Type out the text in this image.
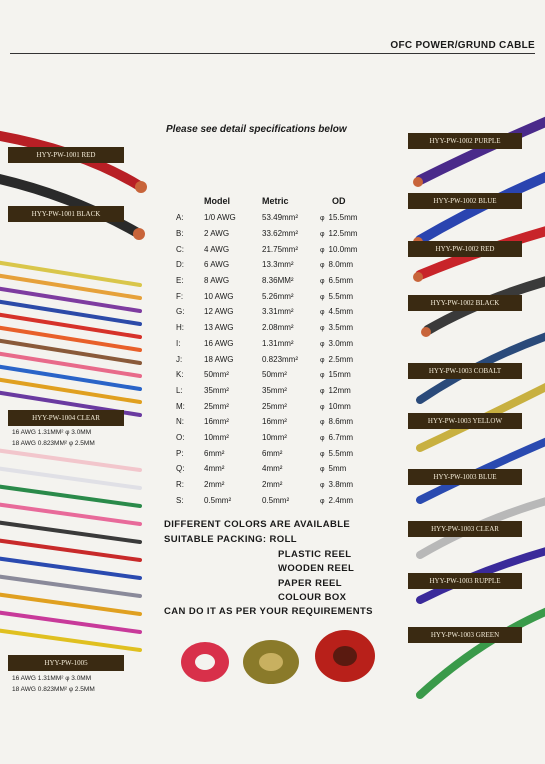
OFC POWER/GRUND CABLE
Please see detail specifications below
HYY-PW-1001 RED
HYY-PW-1001 BLACK
HYY-PW-1004 CLEAR
16 AWG 1.31MM² φ 3.0MM
18 AWG 0.823MM² φ 2.5MM
HYY-PW-1005
16 AWG 1.31MM² φ 3.0MM
18 AWG 0.823MM² φ 2.5MM
HYY-PW-1002 PURPLE
HYY-PW-1002 BLUE
HYY-PW-1002 RED
HYY-PW-1002 BLACK
HYY-PW-1003 COBALT
HYY-PW-1003 YELLOW
HYY-PW-1003 BLUE
HYY-PW-1003 CLEAR
HYY-PW-1003 RUPPLE
HYY-PW-1003 GREEN
Model	Metric	OD
A:	1/0 AWG	53.49mm²	φ 15.5mm
B:	2 AWG	33.62mm²	φ 12.5mm
C:	4 AWG	21.75mm²	φ 10.0mm
D:	6 AWG	13.3mm²	φ 8.0mm
E:	8 AWG	8.36MM²	φ 6.5mm
F:	10 AWG	5.26mm²	φ 5.5mm
G:	12 AWG	3.31mm²	φ 4.5mm
H:	13 AWG	2.08mm²	φ 3.5mm
I:	16 AWG	1.31mm²	φ 3.0mm
J:	18 AWG	0.823mm²	φ 2.5mm
K:	50mm²	50mm²	φ 15mm
L:	35mm²	35mm²	φ 12mm
M:	25mm²	25mm²	φ 10mm
N:	16mm²	16mm²	φ 8.6mm
O:	10mm²	10mm²	φ 6.7mm
P:	6mm²	6mm²	φ 5.5mm
Q:	4mm²	4mm²	φ 5mm
R:	2mm²	2mm²	φ 3.8mm
S:	0.5mm²	0.5mm²	φ 2.4mm
DIFFERENT COLORS ARE AVAILABLE
SUITABLE PACKING: ROLL
PLASTIC REEL
WOODEN REEL
PAPER REEL
COLOUR BOX
CAN DO IT AS PER YOUR REQUIREMENTS
